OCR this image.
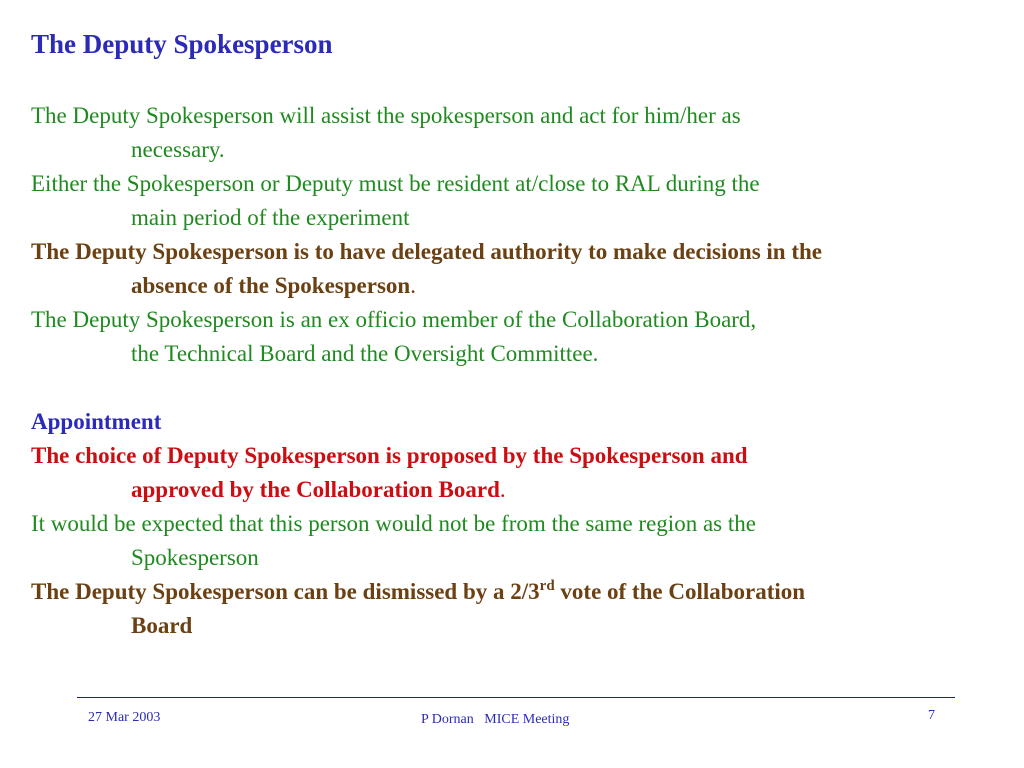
The Deputy Spokesperson
The Deputy Spokesperson will assist the spokesperson and act for him/her as
necessary.
Either the Spokesperson or Deputy must be resident at/close to RAL during the
main period of the experiment
The Deputy Spokesperson is to have delegated authority to make decisions in the
absence of the Spokesperson.
The Deputy Spokesperson is an ex officio member of the Collaboration Board,
the Technical Board and the Oversight Committee.
Appointment
The choice of Deputy Spokesperson is proposed by the Spokesperson and
approved by the Collaboration Board.
It would be expected that this person would not be from the same region as the
Spokesperson
The Deputy Spokesperson can be dismissed by a 2/3rd vote of the Collaboration
Board
27 Mar 2003	P Dornan   MICE Meeting	7
